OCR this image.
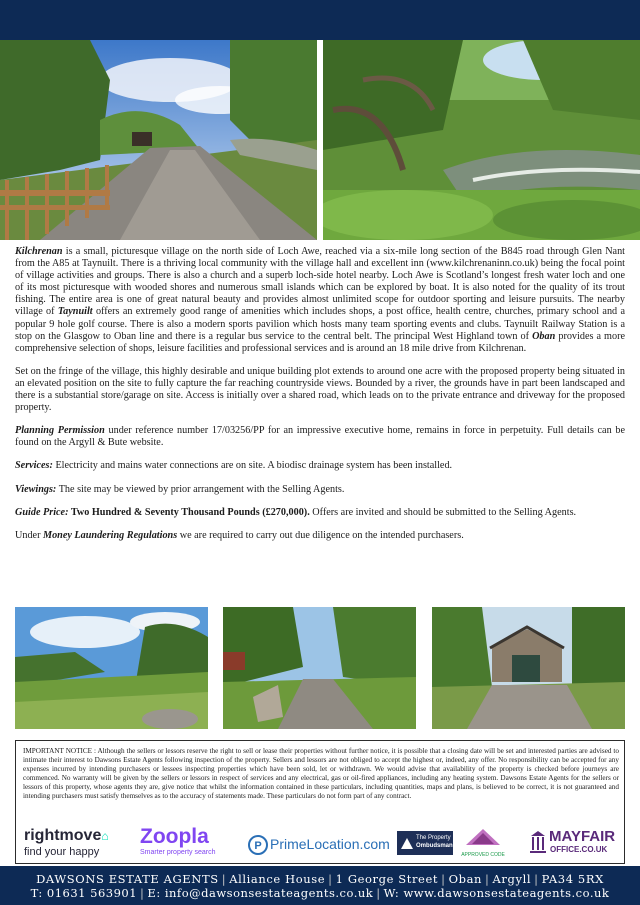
Kilchrenan is a small, picturesque village on the north side of Loch Awe, reached via a six-mile long section of the B845 road through Glen Nant from the A85 at Taynuilt. There is a thriving local community with the village hall and excellent inn (www.kilchrenaninn.co.uk) being the focal point of village activities and groups. There is also a church and a superb loch-side hotel nearby. Loch Awe is Scotland’s longest fresh water loch and one of its most picturesque with wooded shores and numerous small islands which can be explored by boat. It is also noted for the quality of its trout fishing. The entire area is one of great natural beauty and provides almost unlimited scope for outdoor sporting and leisure pursuits. The nearby village of Taynuilt offers an extremely good range of amenities which includes shops, a post office, health centre, churches, primary school and a popular 9 hole golf course. There is also a modern sports pavilion which hosts many team sporting events and clubs. Taynuilt Railway Station is a stop on the Glasgow to Oban line and there is a regular bus service to the central belt. The principal West Highland town of Oban provides a more comprehensive selection of shops, leisure facilities and professional services and is around an 18 mile drive from Kilchrenan.

Set on the fringe of the village, this highly desirable and unique building plot extends to around one acre with the proposed property being situated in an elevated position on the site to fully capture the far reaching countryside views. Bounded by a river, the grounds have in part been landscaped and there is a substantial store/garage on site. Access is initially over a shared road, which leads on to the private entrance and driveway for the proposed property.

Planning Permission under reference number 17/03256/PP for an impressive executive home, remains in force in perpetuity. Full details can be found on the Argyll & Bute website.

Services: Electricity and mains water connections are on site. A biodisc drainage system has been installed.

Viewings: The site may be viewed by prior arrangement with the Selling Agents.

Guide Price: Two Hundred & Seventy Thousand Pounds (£270,000). Offers are invited and should be submitted to the Selling Agents.

Under Money Laundering Regulations we are required to carry out due diligence on the intended purchasers.

IMPORTANT NOTICE : Although the sellers or lessors reserve the right to sell or lease their properties without further notice, it is possible that a closing date will be set and interested parties are advised to intimate their interest to Dawsons Estate Agents following inspection of the property. Sellers and lessors are not obliged to accept the highest or, indeed, any offer. No responsibility can be accepted for any expenses incurred by intending purchasers or lessees inspecting properties which have been sold, let or withdrawn. We would advise that availability of the property is checked before journeys are commenced. No warranty will be given by the sellers or lessors in respect of services and any electrical, gas or oil-fired appliances, including any heating system. Dawsons Estate Agents for the sellers or lessors of this property, whose agents they are, give notice that whilst the information contained in these particulars, including quantities, maps and plans, is believed to be correct, it is not guaranteed and intending purchasers must satisfy themselves as to the accuracy of statements made. These particulars do not form part of any contract.
rightmove⌂
find your happy
Zoopla
Smarter property search
P PrimeLocation.com	The Property
Ombudsman
APPROVED CODE
MAYFAIR
OFFICE.CO.UK
DAWSONS ESTATE AGENTS | Alliance House | 1 George Street | Oban | Argyll | PA34 5RX
T: 01631 563901 | E: info@dawsonsestateagents.co.uk | W: www.dawsonsestateagents.co.uk
